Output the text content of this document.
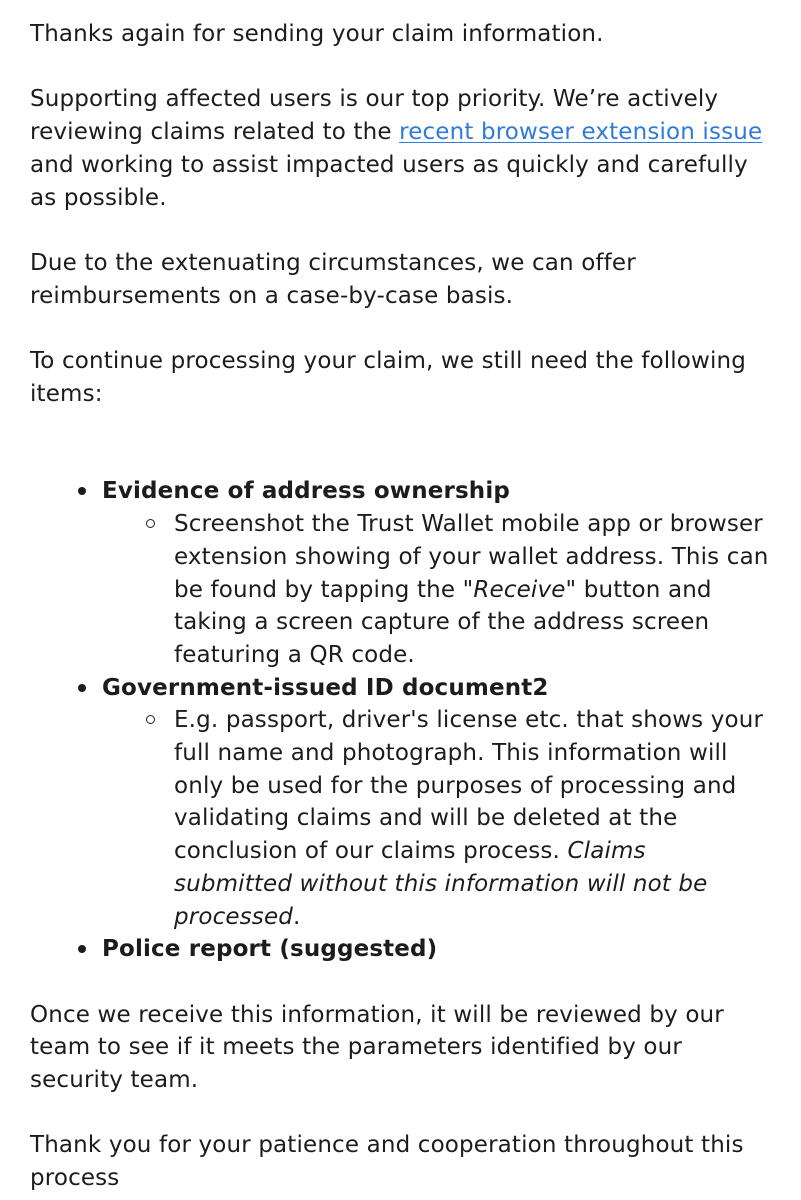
Thanks again for sending your claim information.

Supporting affected users is our top priority. We’re actively reviewing claims related to the recent browser extension issue and working to assist impacted users as quickly and carefully as possible.

Due to the extenuating circumstances, we can offer reimbursements on a case-by-case basis.

To continue processing your claim, we still need the following items:

Evidence of address ownership
Screenshot the Trust Wallet mobile app or browser extension showing of your wallet address. This can be found by tapping the "Receive" button and taking a screen capture of the address screen featuring a QR code.
Government-issued ID document2
E.g. passport, driver's license etc. that shows your full name and photograph. This information will only be used for the purposes of processing and validating claims and will be deleted at the conclusion of our claims process. Claims submitted without this information will not be processed.
Police report (suggested)

Once we receive this information, it will be reviewed by our team to see if it meets the parameters identified by our security team.

Thank you for your patience and cooperation throughout this process
